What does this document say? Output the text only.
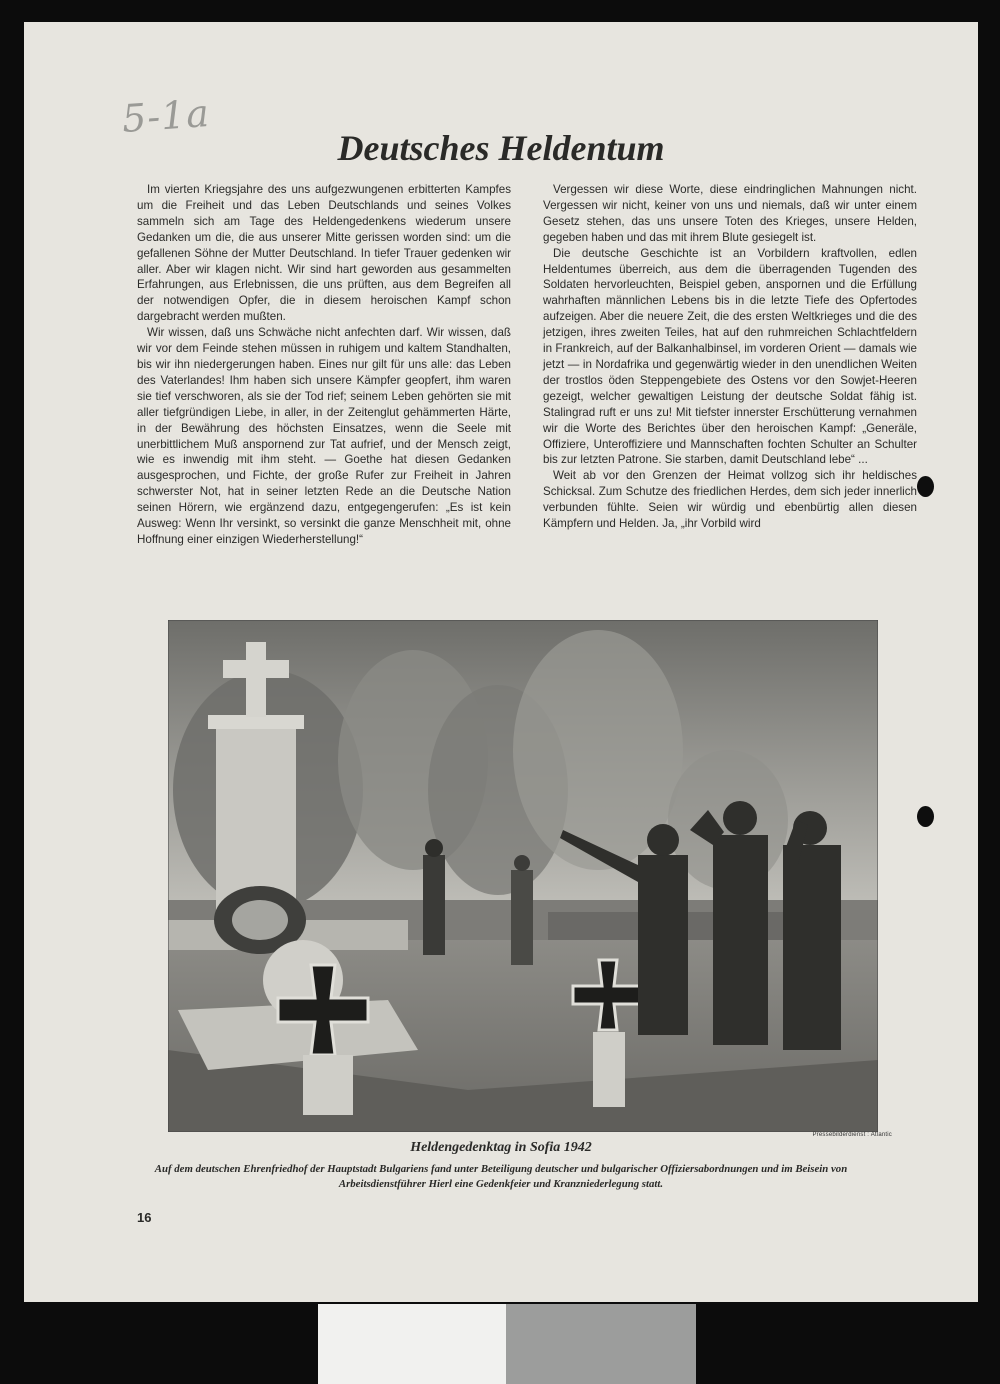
5-1a
Deutsches Heldentum

Im vierten Kriegsjahre des uns aufgezwungenen erbitterten Kampfes um die Freiheit und das Leben Deutschlands und seines Volkes sammeln sich am Tage des Heldengedenkens wiederum unsere Gedanken um die, die aus unserer Mitte gerissen worden sind: um die gefallenen Söhne der Mutter Deutschland. In tiefer Trauer gedenken wir aller. Aber wir klagen nicht. Wir sind hart geworden aus gesammelten Erfahrungen, aus Erlebnissen, die uns prüften, aus dem Begreifen all der notwendigen Opfer, die in diesem heroischen Kampf schon dargebracht werden mußten.

Wir wissen, daß uns Schwäche nicht anfechten darf. Wir wissen, daß wir vor dem Feinde stehen müssen in ruhigem und kaltem Standhalten, bis wir ihn niedergerungen haben. Eines nur gilt für uns alle: das Leben des Vaterlandes! Ihm haben sich unsere Kämpfer geopfert, ihm waren sie tief verschworen, als sie der Tod rief; seinem Leben gehörten sie mit aller tiefgründigen Liebe, in aller, in der Zeitenglut gehämmerten Härte, in der Bewährung des höchsten Einsatzes, wenn die Seele mit unerbittlichem Muß anspornend zur Tat aufrief, und der Mensch zeigt, wie es inwendig mit ihm steht. — Goethe hat diesen Gedanken ausgesprochen, und Fichte, der große Rufer zur Freiheit in Jahren schwerster Not, hat in seiner letzten Rede an die Deutsche Nation seinen Hörern, wie ergänzend dazu, entgegengerufen: „Es ist kein Ausweg: Wenn Ihr versinkt, so versinkt die ganze Menschheit mit, ohne Hoffnung einer einzigen Wiederherstellung!“

Vergessen wir diese Worte, diese eindringlichen Mahnungen nicht. Vergessen wir nicht, keiner von uns und niemals, daß wir unter einem Gesetz stehen, das uns unsere Toten des Krieges, unsere Helden, gegeben haben und das mit ihrem Blute gesiegelt ist.

Die deutsche Geschichte ist an Vorbildern kraftvollen, edlen Heldentumes überreich, aus dem die überragenden Tugenden des Soldaten hervorleuchten, Beispiel geben, anspornen und die Erfüllung wahrhaften männlichen Lebens bis in die letzte Tiefe des Opfertodes aufzeigen. Aber die neuere Zeit, die des ersten Weltkrieges und die des jetzigen, ihres zweiten Teiles, hat auf den ruhmreichen Schlachtfeldern in Frankreich, auf der Balkanhalbinsel, im vorderen Orient — damals wie jetzt — in Nordafrika und gegenwärtig wieder in den unendlichen Weiten der trostlos öden Steppengebiete des Ostens vor den Sowjet-Heeren gezeigt, welcher gewaltigen Leistung der deutsche Soldat fähig ist. Stalingrad ruft er uns zu! Mit tiefster innerster Erschütterung vernahmen wir die Worte des Berichtes über den heroischen Kampf: „Generäle, Offiziere, Unteroffiziere und Mannschaften fochten Schulter an Schulter bis zur letzten Patrone. Sie starben, damit Deutschland lebe“ ...

Weit ab vor den Grenzen der Heimat vollzog sich ihr heldisches Schicksal. Zum Schutze des friedlichen Herdes, dem sich jeder innerlich verbunden fühlte. Seien wir würdig und ebenbürtig allen diesen Kämpfern und Helden. Ja, „ihr Vorbild wird

Pressebilderdienst : Atlantic
Heldengedenktag in Sofia 1942

Auf dem deutschen Ehrenfriedhof der Hauptstadt Bulgariens fand unter Beteiligung deutscher und bulgarischer Offiziersabordnungen und im Beisein von Arbeitsdienstführer Hierl eine Gedenkfeier und Kranzniederlegung statt.

16
